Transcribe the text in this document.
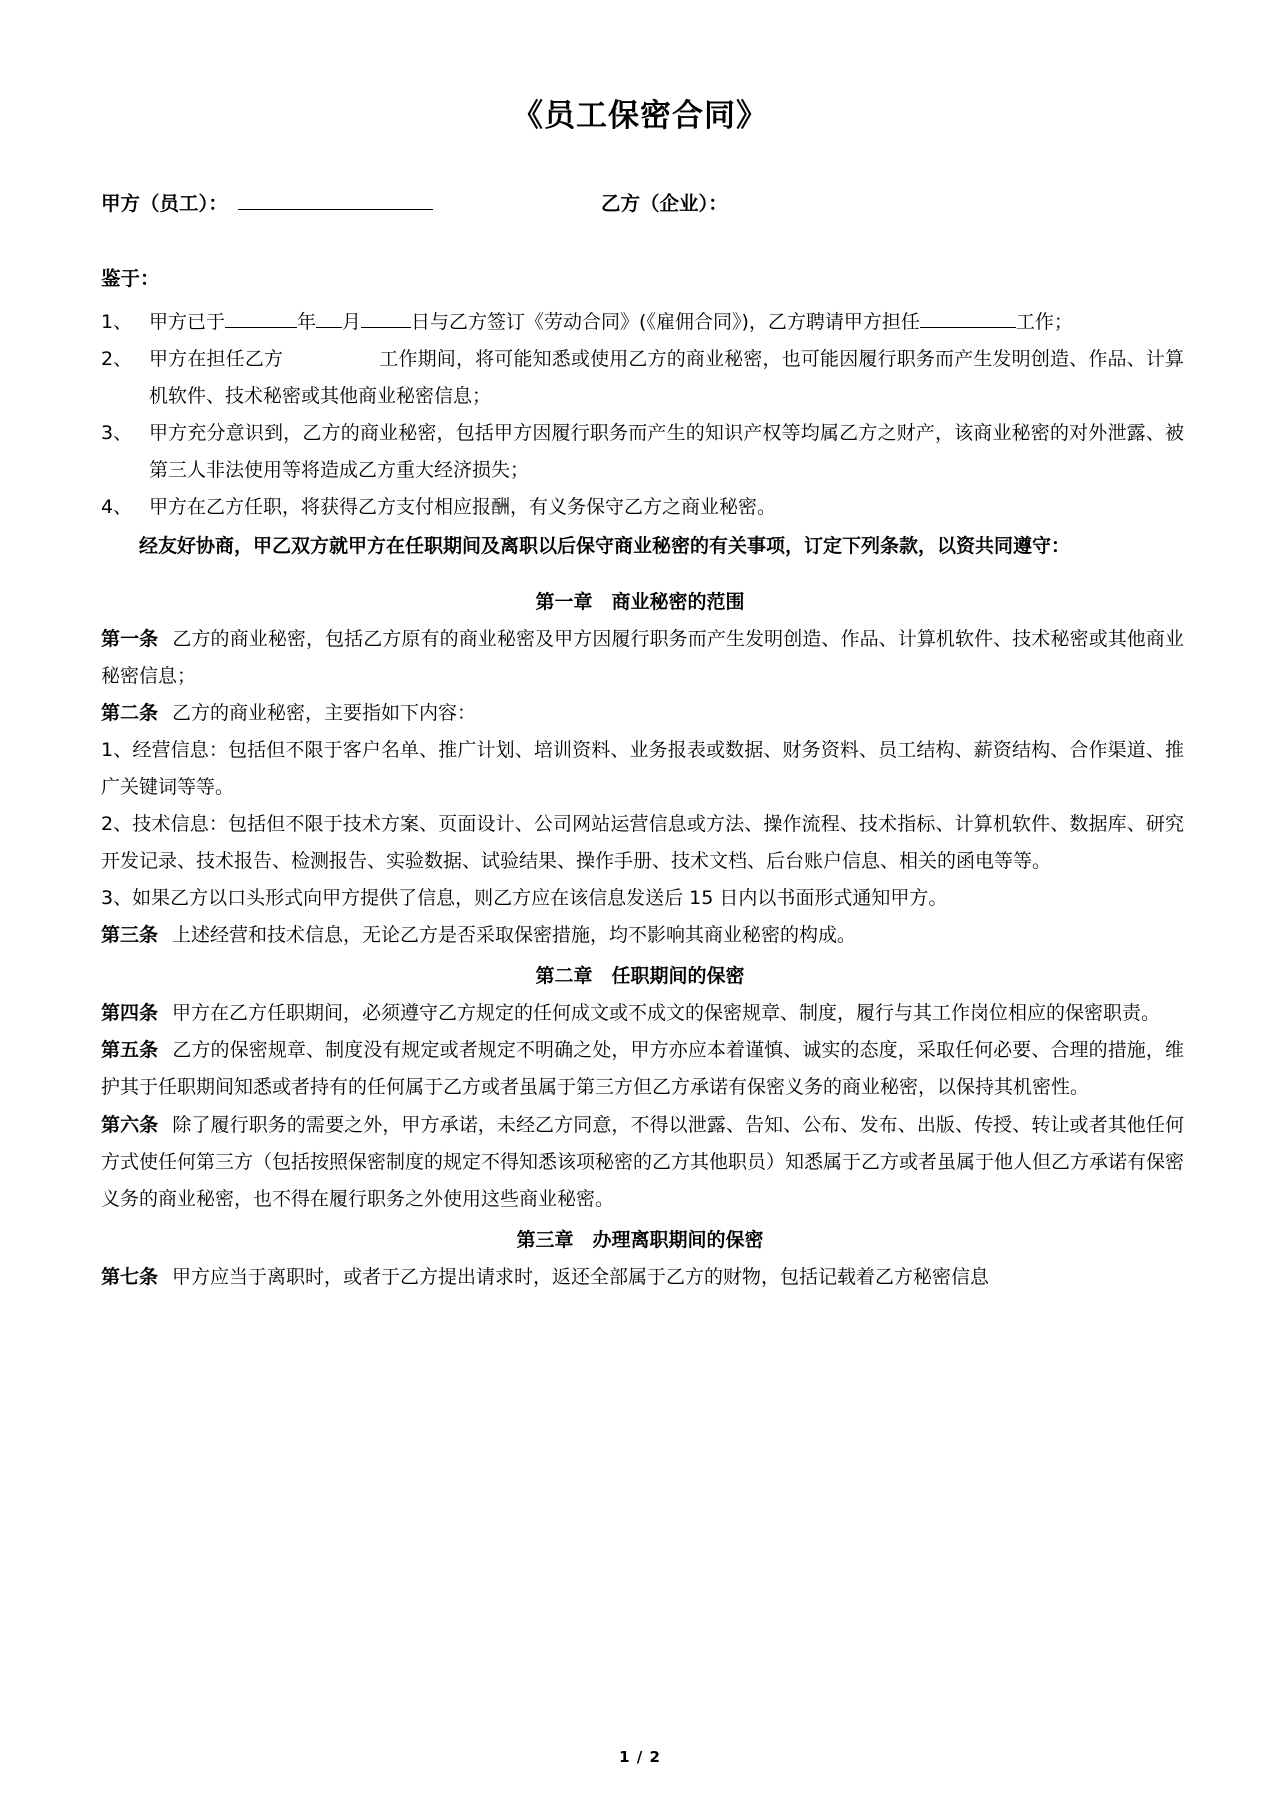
《员工保密合同》
甲方（员工）：	乙方（企业）：
鉴于：
1、 甲方已于	年 月	日与乙方签订《劳动合同》(《雇佣合同》)，乙方聘请甲方担任	工作；
2、 甲方在担任乙方	工作期间，将可能知悉或使用乙方的商业秘密，也可能因履行职务而产生发明创造、作品、计算机软件、技术秘密或其他商业秘密信息；
3、 甲方充分意识到，乙方的商业秘密，包括甲方因履行职务而产生的知识产权等均属乙方之财产，该商业秘密的对外泄露、被第三人非法使用等将造成乙方重大经济损失；
4、 甲方在乙方任职，将获得乙方支付相应报酬，有义务保守乙方之商业秘密。

经友好协商，甲乙双方就甲方在任职期间及离职以后保守商业秘密的有关事项，订定下列条款，以资共同遵守：

第一章　商业秘密的范围

第一条 乙方的商业秘密，包括乙方原有的商业秘密及甲方因履行职务而产生发明创造、作品、计算机软件、技术秘密或其他商业秘密信息；

第二条 乙方的商业秘密，主要指如下内容：

1、经营信息：包括但不限于客户名单、推广计划、培训资料、业务报表或数据、财务资料、员工结构、薪资结构、合作渠道、推广关键词等等。

2、技术信息：包括但不限于技术方案、页面设计、公司网站运营信息或方法、操作流程、技术指标、计算机软件、数据库、研究开发记录、技术报告、检测报告、实验数据、试验结果、操作手册、技术文档、后台账户信息、相关的函电等等。

3、如果乙方以口头形式向甲方提供了信息，则乙方应在该信息发送后 15 日内以书面形式通知甲方。

第三条 上述经营和技术信息，无论乙方是否采取保密措施，均不影响其商业秘密的构成。

第二章　任职期间的保密

第四条 甲方在乙方任职期间，必须遵守乙方规定的任何成文或不成文的保密规章、制度，履行与其工作岗位相应的保密职责。

第五条 乙方的保密规章、制度没有规定或者规定不明确之处，甲方亦应本着谨慎、诚实的态度，采取任何必要、合理的措施，维护其于任职期间知悉或者持有的任何属于乙方或者虽属于第三方但乙方承诺有保密义务的商业秘密，以保持其机密性。

第六条 除了履行职务的需要之外，甲方承诺，未经乙方同意，不得以泄露、告知、公布、发布、出版、传授、转让或者其他任何方式使任何第三方（包括按照保密制度的规定不得知悉该项秘密的乙方其他职员）知悉属于乙方或者虽属于他人但乙方承诺有保密义务的商业秘密，也不得在履行职务之外使用这些商业秘密。

第三章　办理离职期间的保密

第七条 甲方应当于离职时，或者于乙方提出请求时，返还全部属于乙方的财物，包括记载着乙方秘密信息

1 / 2
